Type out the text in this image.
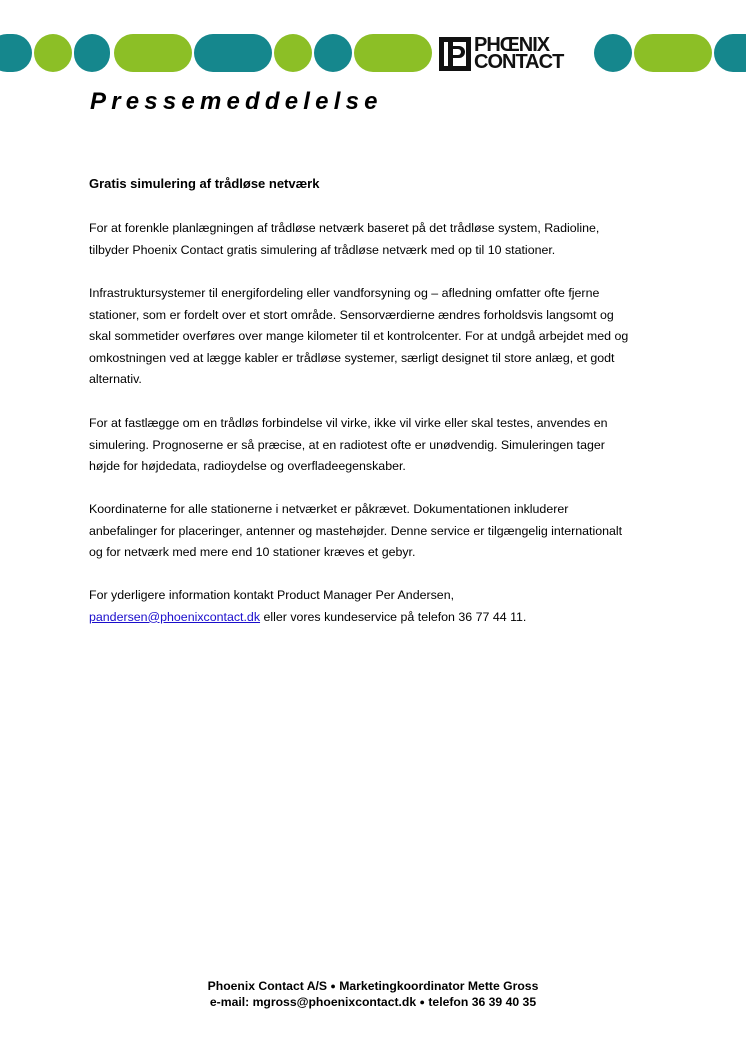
PHŒNIX
CONTACT
Pressemeddelelse
Gratis simulering af trådløse netværk

For at forenkle planlægningen af trådløse netværk baseret på det trådløse system, Radioline, tilbyder Phoenix Contact gratis simulering af trådløse netværk med op til 10 stationer.

Infrastruktursystemer til energifordeling eller vandforsyning og – afledning omfatter ofte fjerne stationer, som er fordelt over et stort område. Sensorværdierne ændres forholdsvis langsomt og skal sommetider overføres over mange kilometer til et kontrolcenter. For at undgå arbejdet med og omkostningen ved at lægge kabler er trådløse systemer, særligt designet til store anlæg, et godt alternativ.

For at fastlægge om en trådløs forbindelse vil virke, ikke vil virke eller skal testes, anvendes en simulering. Prognoserne er så præcise, at en radiotest ofte er unødvendig. Simuleringen tager højde for højdedata, radioydelse og overfladeegenskaber.

Koordinaterne for alle stationerne i netværket er påkrævet. Dokumentationen inkluderer anbefalinger for placeringer, antenner og mastehøjder. Denne service er tilgængelig internationalt og for netværk med mere end 10 stationer kræves et gebyr.

For yderligere information kontakt Product Manager Per Andersen,
pandersen@phoenixcontact.dk eller vores kundeservice på telefon 36 77 44 11.

Phoenix Contact A/S ● Marketingkoordinator Mette Gross
e-mail: mgross@phoenixcontact.dk ● telefon 36 39 40 35
